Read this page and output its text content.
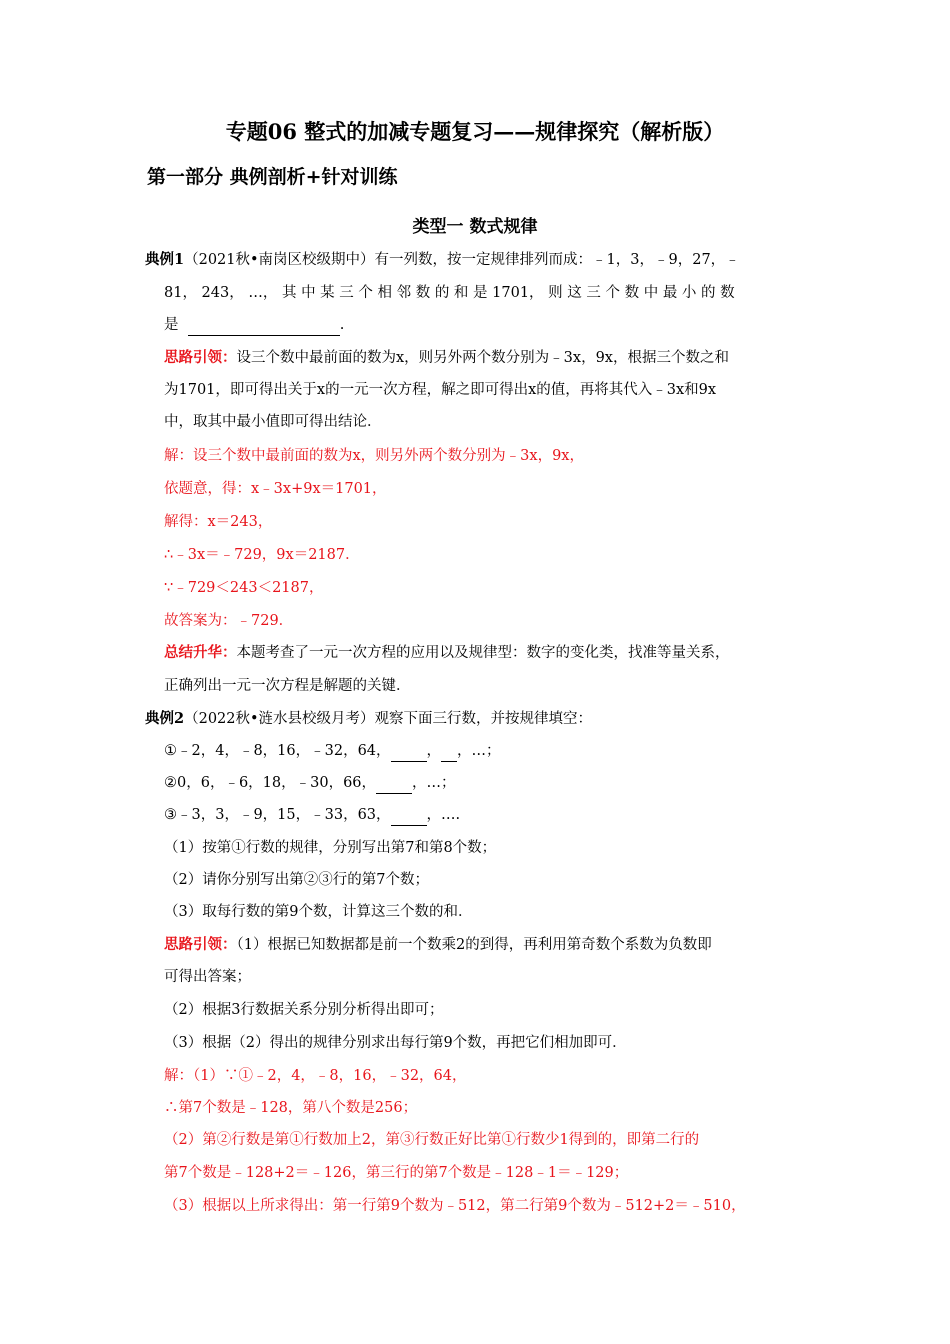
专题06 整式的加减专题复习——规律探究（解析版）
第一部分 典例剖析+针对训练
类型一 数式规律
典例1（2021秋•南岗区校级期中）有一列数，按一定规律排列而成：﹣1，3，﹣9，27，﹣
81， 243， …， 其 中 某 三 个 相 邻 数 的 和 是 1701， 则 这 三 个 数 中 最 小 的 数
是	.
思路引领：设三个数中最前面的数为x，则另外两个数分别为﹣3x，9x，根据三个数之和
为1701，即可得出关于x的一元一次方程，解之即可得出x的值，再将其代入﹣3x和9x
中，取其中最小值即可得出结论．
解：设三个数中最前面的数为x，则另外两个数分别为﹣3x，9x，
依题意，得：x﹣3x+9x＝1701，
解得：x＝243，
∴﹣3x＝﹣729，9x＝2187．
∵﹣729＜243＜2187，
故答案为：﹣729．
总结升华：本题考查了一元一次方程的应用以及规律型：数字的变化类，找准等量关系，
正确列出一元一次方程是解题的关键．
典例2（2022秋•涟水县校级月考）观察下面三行数，并按规律填空：
①﹣2，4，﹣8，16，﹣32，64， ， ，…；
②0，6，﹣6，18，﹣30，66， ，…；
③﹣3，3，﹣9，15，﹣33，63， ，….
（1）按第①行数的规律，分别写出第7和第8个数；
（2）请你分别写出第②③行的第7个数；
（3）取每行数的第9个数，计算这三个数的和．
思路引领：（1）根据已知数据都是前一个数乘2的到得，再利用第奇数个系数为负数即
可得出答案；
（2）根据3行数据关系分别分析得出即可；
（3）根据（2）得出的规律分别求出每行第9个数，再把它们相加即可．
解：（1）∵①﹣2，4，﹣8，16，﹣32，64，
∴第7个数是﹣128，第八个数是256；
（2）第②行数是第①行数加上2，第③行数正好比第①行数少1得到的，即第二行的
第7个数是﹣128+2＝﹣126，第三行的第7个数是﹣128﹣1＝﹣129；
（3）根据以上所求得出：第一行第9个数为﹣512，第二行第9个数为﹣512+2＝﹣510，
